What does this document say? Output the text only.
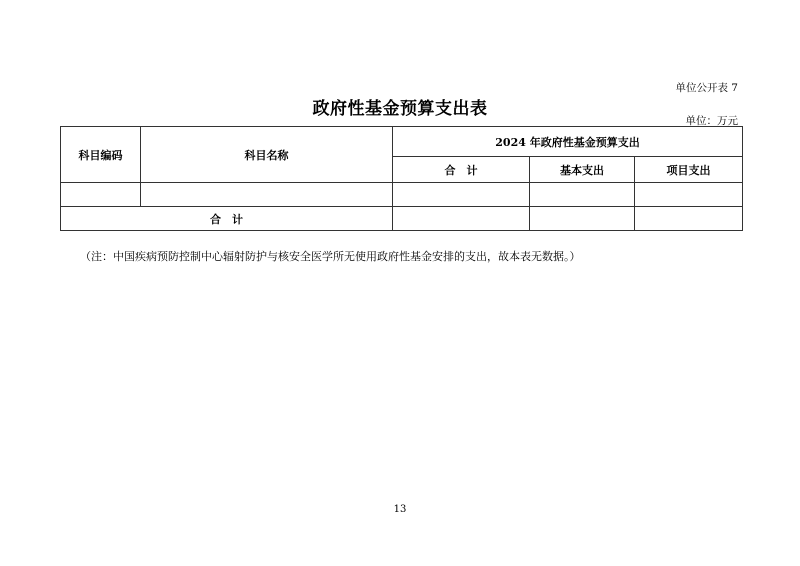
单位公开表 7
政府性基金预算支出表
单位：万元
科目编码	科目名称	2024 年政府性基金预算支出		
		合　计	基本支出	项目支出

合　计				
（注：中国疾病预防控制中心辐射防护与核安全医学所无使用政府性基金安排的支出，故本表无数据。）
13
